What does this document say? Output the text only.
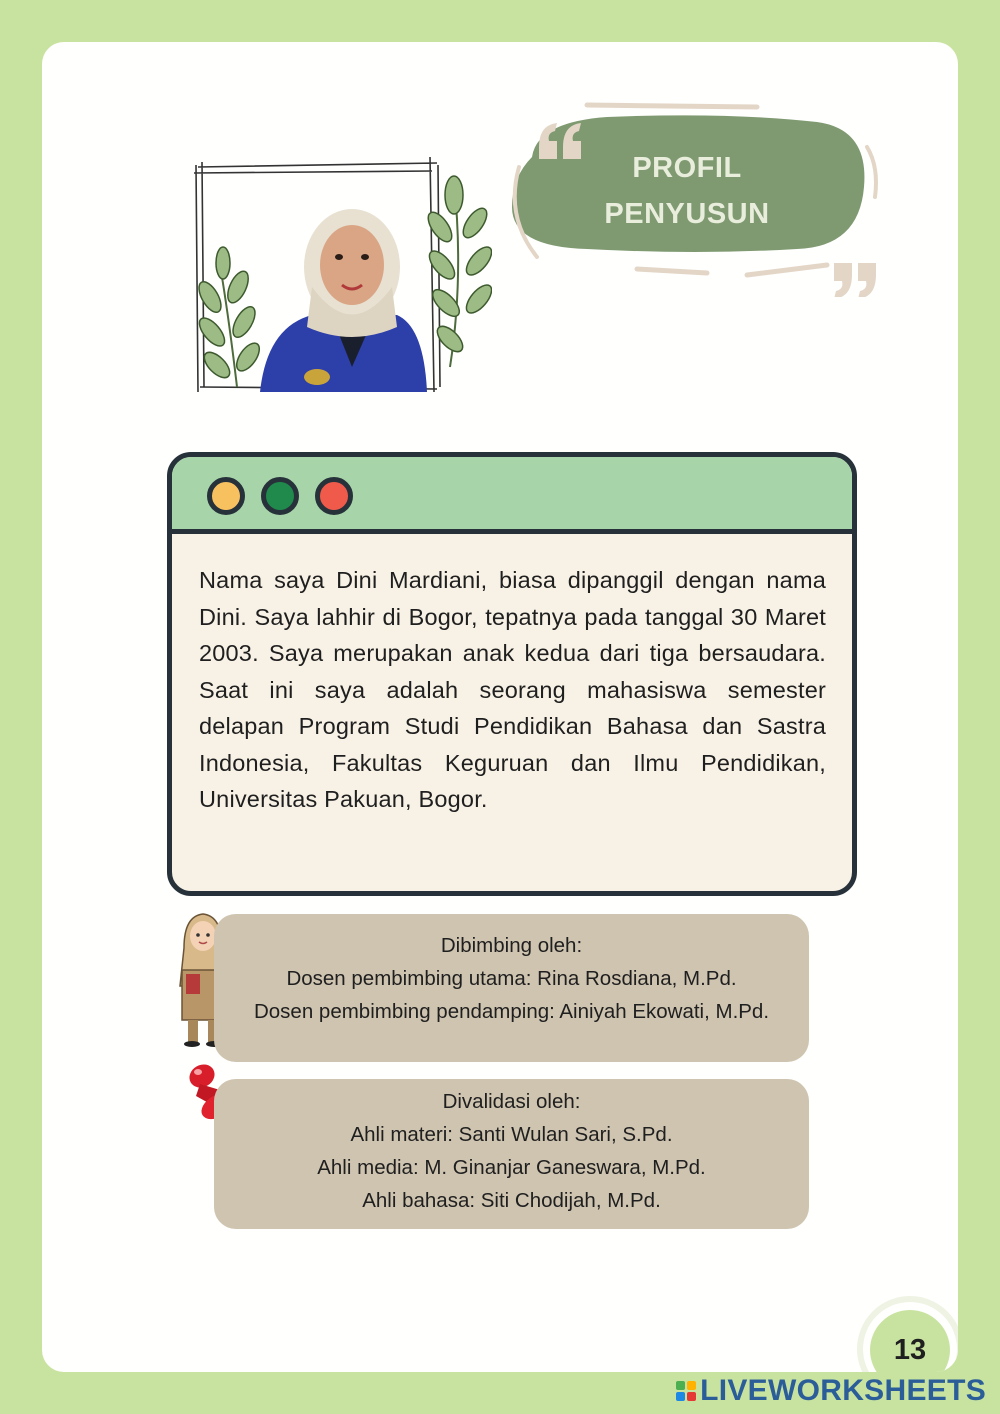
PROFIL
PENYUSUN
Nama saya Dini Mardiani, biasa dipanggil dengan nama Dini. Saya lahhir di Bogor, tepatnya pada tanggal 30 Maret 2003. Saya merupakan anak kedua dari tiga bersaudara. Saat ini saya adalah seorang mahasiswa semester delapan Program Studi Pendidikan Bahasa dan Sastra Indonesia, Fakultas Keguruan dan Ilmu Pendidikan, Universitas Pakuan, Bogor.
Dibimbing oleh:
Dosen pembimbing utama: Rina Rosdiana, M.Pd.
Dosen pembimbing pendamping: Ainiyah Ekowati, M.Pd.
Divalidasi oleh:
Ahli materi: Santi Wulan Sari, S.Pd.
Ahli media: M. Ginanjar Ganeswara, M.Pd.
Ahli bahasa: Siti Chodijah, M.Pd.
13
LIVEWORKSHEETS
